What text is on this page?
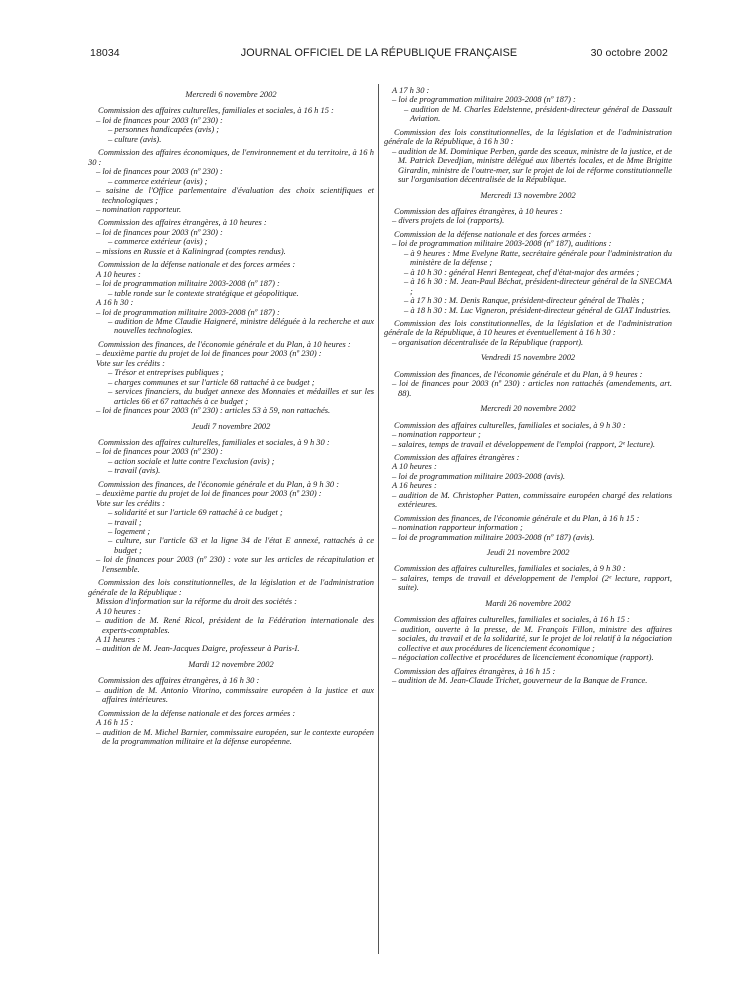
18034	JOURNAL OFFICIEL DE LA RÉPUBLIQUE FRANÇAISE	30 octobre 2002
Mercredi 6 novembre 2002
Commission des affaires culturelles, familiales et sociales, à 16 h 15 :
– loi de finances pour 2003 (nº 230) :
– personnes handicapées (avis) ;
– culture (avis).
Commission des affaires économiques, de l'environnement et du territoire, à 16 h 30 :
– loi de finances pour 2003 (nº 230) :
– commerce extérieur (avis) ;
– saisine de l'Office parlementaire d'évaluation des choix scientifiques et technologiques ;
– nomination rapporteur.
Commission des affaires étrangères, à 10 heures :
– loi de finances pour 2003 (nº 230) :
– commerce extérieur (avis) ;
– missions en Russie et à Kaliningrad (comptes rendus).
Commission de la défense nationale et des forces armées :
A 10 heures :
– loi de programmation militaire 2003-2008 (nº 187) :
– table ronde sur le contexte stratégique et géopolitique.
A 16 h 30 :
– loi de programmation militaire 2003-2008 (nº 187) :
– audition de Mme Claudie Haigneré, ministre déléguée à la recherche et aux nouvelles technologies.
Commission des finances, de l'économie générale et du Plan, à 10 heures :
– deuxième partie du projet de loi de finances pour 2003 (nº 230) :
Vote sur les crédits :
– Trésor et entreprises publiques ;
– charges communes et sur l'article 68 rattaché à ce budget ;
– services financiers, du budget annexe des Monnaies et médailles et sur les articles 66 et 67 rattachés à ce budget ;
– loi de finances pour 2003 (nº 230) : articles 53 à 59, non rattachés.
Jeudi 7 novembre 2002
Commission des affaires culturelles, familiales et sociales, à 9 h 30 :
– loi de finances pour 2003 (nº 230) :
– action sociale et lutte contre l'exclusion (avis) ;
– travail (avis).
Commission des finances, de l'économie générale et du Plan, à 9 h 30 :
– deuxième partie du projet de loi de finances pour 2003 (nº 230) :
Vote sur les crédits :
– solidarité et sur l'article 69 rattaché à ce budget ;
– travail ;
– logement ;
– culture, sur l'article 63 et la ligne 34 de l'état E annexé, rattachés à ce budget ;
– loi de finances pour 2003 (nº 230) : vote sur les articles de récapitulation et l'ensemble.
Commission des lois constitutionnelles, de la législation et de l'administration générale de la République :
Mission d'information sur la réforme du droit des sociétés :
A 10 heures :
– audition de M. René Ricol, président de la Fédération internationale des experts-comptables.
A 11 heures :
– audition de M. Jean-Jacques Daigre, professeur à Paris-I.
Mardi 12 novembre 2002
Commission des affaires étrangères, à 16 h 30 :
– audition de M. Antonio Vitorino, commissaire européen à la justice et aux affaires intérieures.
Commission de la défense nationale et des forces armées :
A 16 h 15 :
– audition de M. Michel Barnier, commissaire européen, sur le contexte européen de la programmation militaire et la défense européenne.
A 17 h 30 :
– loi de programmation militaire 2003-2008 (nº 187) :
– audition de M. Charles Edelstenne, président-directeur général de Dassault Aviation.
Commission des lois constitutionnelles, de la législation et de l'administration générale de la République, à 16 h 30 :
– audition de M. Dominique Perben, garde des sceaux, ministre de la justice, et de M. Patrick Devedjian, ministre délégué aux libertés locales, et de Mme Brigitte Girardin, ministre de l'outre-mer, sur le projet de loi de réforme constitutionnelle sur l'organisation décentralisée de la République.
Mercredi 13 novembre 2002
Commission des affaires étrangères, à 10 heures :
– divers projets de loi (rapports).
Commission de la défense nationale et des forces armées :
– loi de programmation militaire 2003-2008 (nº 187), auditions :
– à 9 heures : Mme Evelyne Ratte, secrétaire générale pour l'administration du ministère de la défense ;
– à 10 h 30 : général Henri Bentegeat, chef d'état-major des armées ;
– à 16 h 30 : M. Jean-Paul Béchat, président-directeur général de la SNECMA ;
– à 17 h 30 : M. Denis Ranque, président-directeur général de Thalès ;
– à 18 h 30 : M. Luc Vigneron, président-directeur général de GIAT Industries.
Commission des lois constitutionnelles, de la législation et de l'administration générale de la République, à 10 heures et éventuellement à 16 h 30 :
– organisation décentralisée de la République (rapport).
Vendredi 15 novembre 2002
Commission des finances, de l'économie générale et du Plan, à 9 heures :
– loi de finances pour 2003 (nº 230) : articles non rattachés (amendements, art. 88).
Mercredi 20 novembre 2002
Commission des affaires culturelles, familiales et sociales, à 9 h 30 :
– nomination rapporteur ;
– salaires, temps de travail et développement de l'emploi (rapport, 2ᵉ lecture).
Commission des affaires étrangères :
A 10 heures :
– loi de programmation militaire 2003-2008 (avis).
A 16 heures :
– audition de M. Christopher Patten, commissaire européen chargé des relations extérieures.
Commission des finances, de l'économie générale et du Plan, à 16 h 15 :
– nomination rapporteur information ;
– loi de programmation militaire 2003-2008 (nº 187) (avis).
Jeudi 21 novembre 2002
Commission des affaires culturelles, familiales et sociales, à 9 h 30 :
– salaires, temps de travail et développement de l'emploi (2ᵉ lecture, rapport, suite).
Mardi 26 novembre 2002
Commission des affaires culturelles, familiales et sociales, à 16 h 15 :
– audition, ouverte à la presse, de M. François Fillon, ministre des affaires sociales, du travail et de la solidarité, sur le projet de loi relatif à la négociation collective et aux procédures de licenciement économique ;
– négociation collective et procédures de licenciement économique (rapport).
Commission des affaires étrangères, à 16 h 15 :
– audition de M. Jean-Claude Trichet, gouverneur de la Banque de France.
